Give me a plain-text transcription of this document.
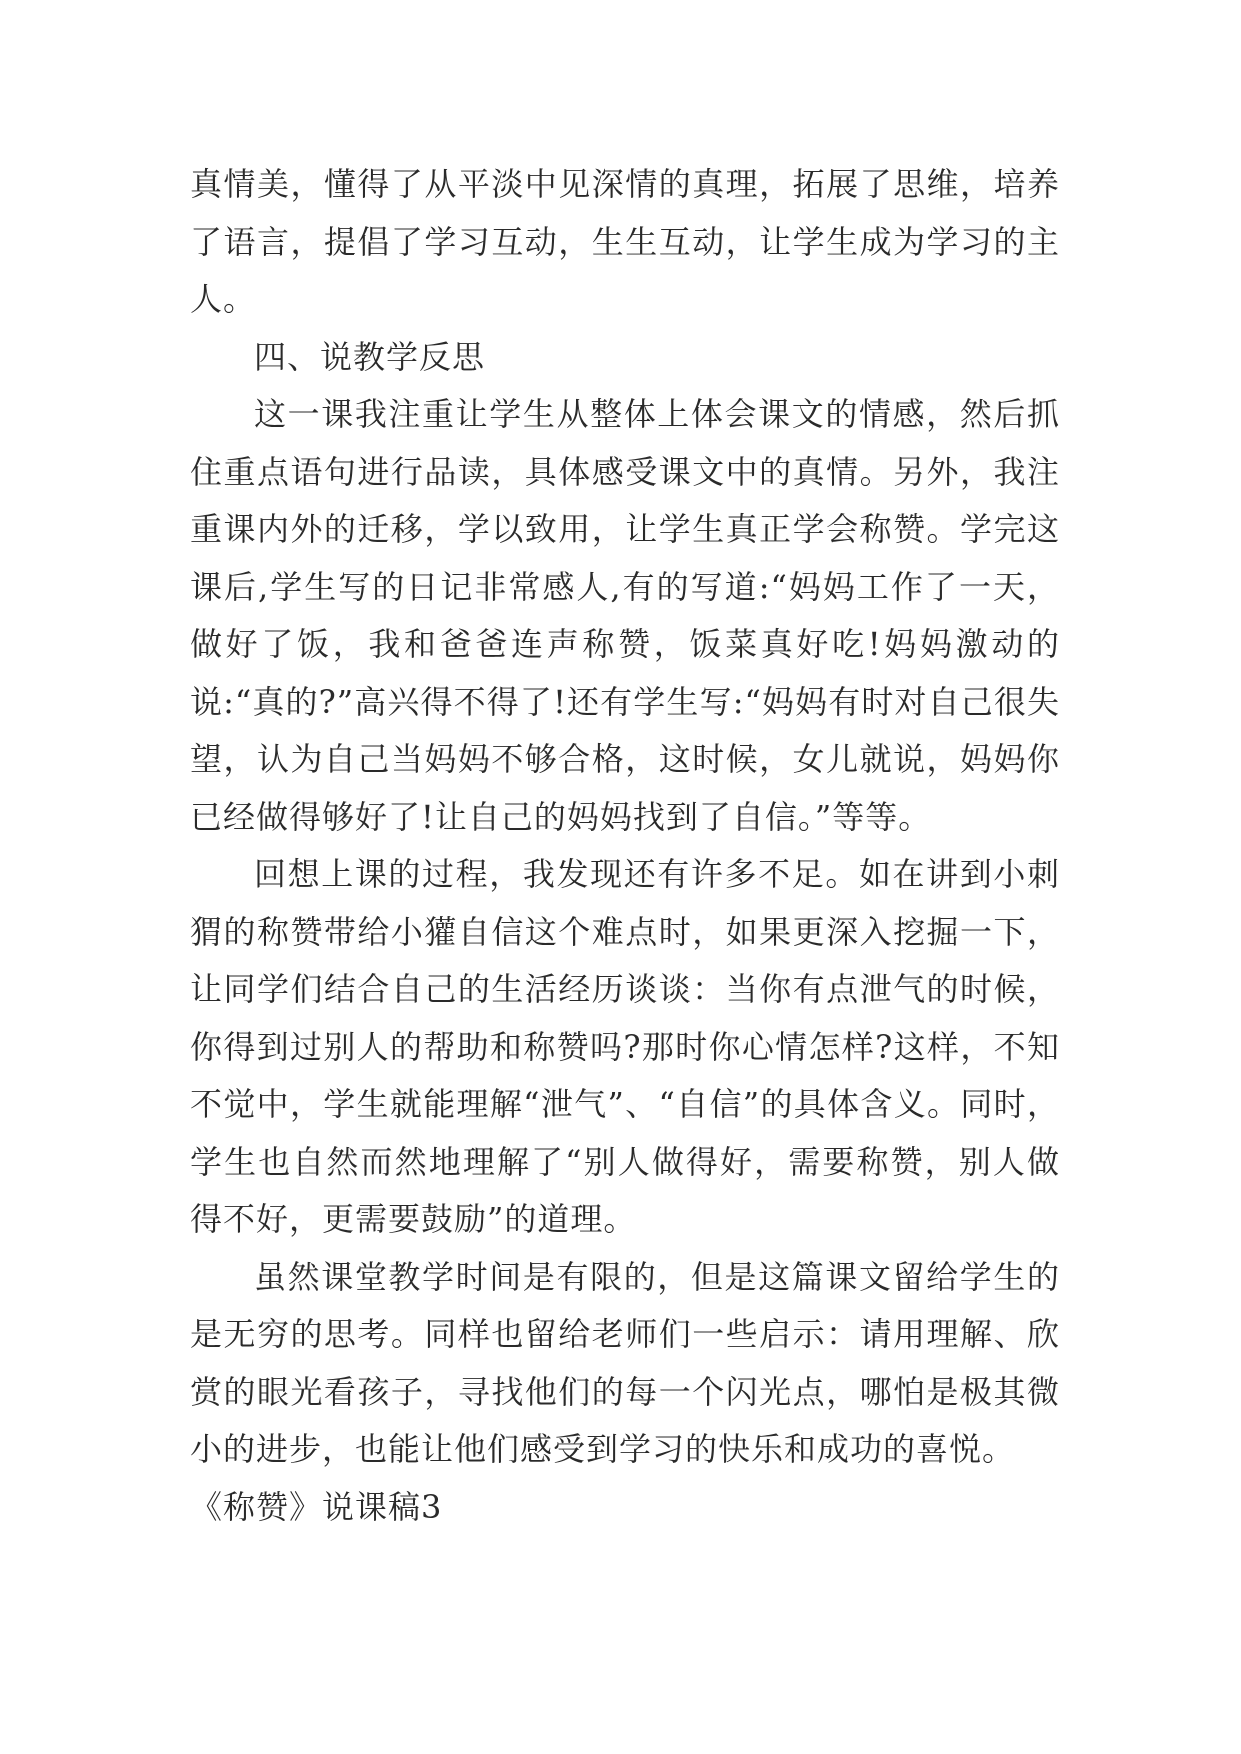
真情美，懂得了从平淡中见深情的真理，拓展了思维，培养了语言，提倡了学习互动，生生互动，让学生成为学习的主人。

四、说教学反思

这一课我注重让学生从整体上体会课文的情感，然后抓住重点语句进行品读，具体感受课文中的真情。另外，我注重课内外的迁移，学以致用，让学生真正学会称赞。学完这课后,学生写的日记非常感人,有的写道:“妈妈工作了一天，做好了饭，我和爸爸连声称赞，饭菜真好吃!妈妈激动的说:“真的?”高兴得不得了!还有学生写:“妈妈有时对自己很失望，认为自己当妈妈不够合格，这时候，女儿就说，妈妈你已经做得够好了!让自己的妈妈找到了自信。”等等。

回想上课的过程，我发现还有许多不足。如在讲到小刺猬的称赞带给小獾自信这个难点时，如果更深入挖掘一下，让同学们结合自己的生活经历谈谈：当你有点泄气的时候，你得到过别人的帮助和称赞吗?那时你心情怎样?这样，不知不觉中，学生就能理解“泄气”、“自信”的具体含义。同时，学生也自然而然地理解了“别人做得好，需要称赞，别人做得不好，更需要鼓励”的道理。

虽然课堂教学时间是有限的，但是这篇课文留给学生的是无穷的思考。同样也留给老师们一些启示：请用理解、欣赏的眼光看孩子，寻找他们的每一个闪光点，哪怕是极其微小的进步，也能让他们感受到学习的快乐和成功的喜悦。

《称赞》说课稿3
